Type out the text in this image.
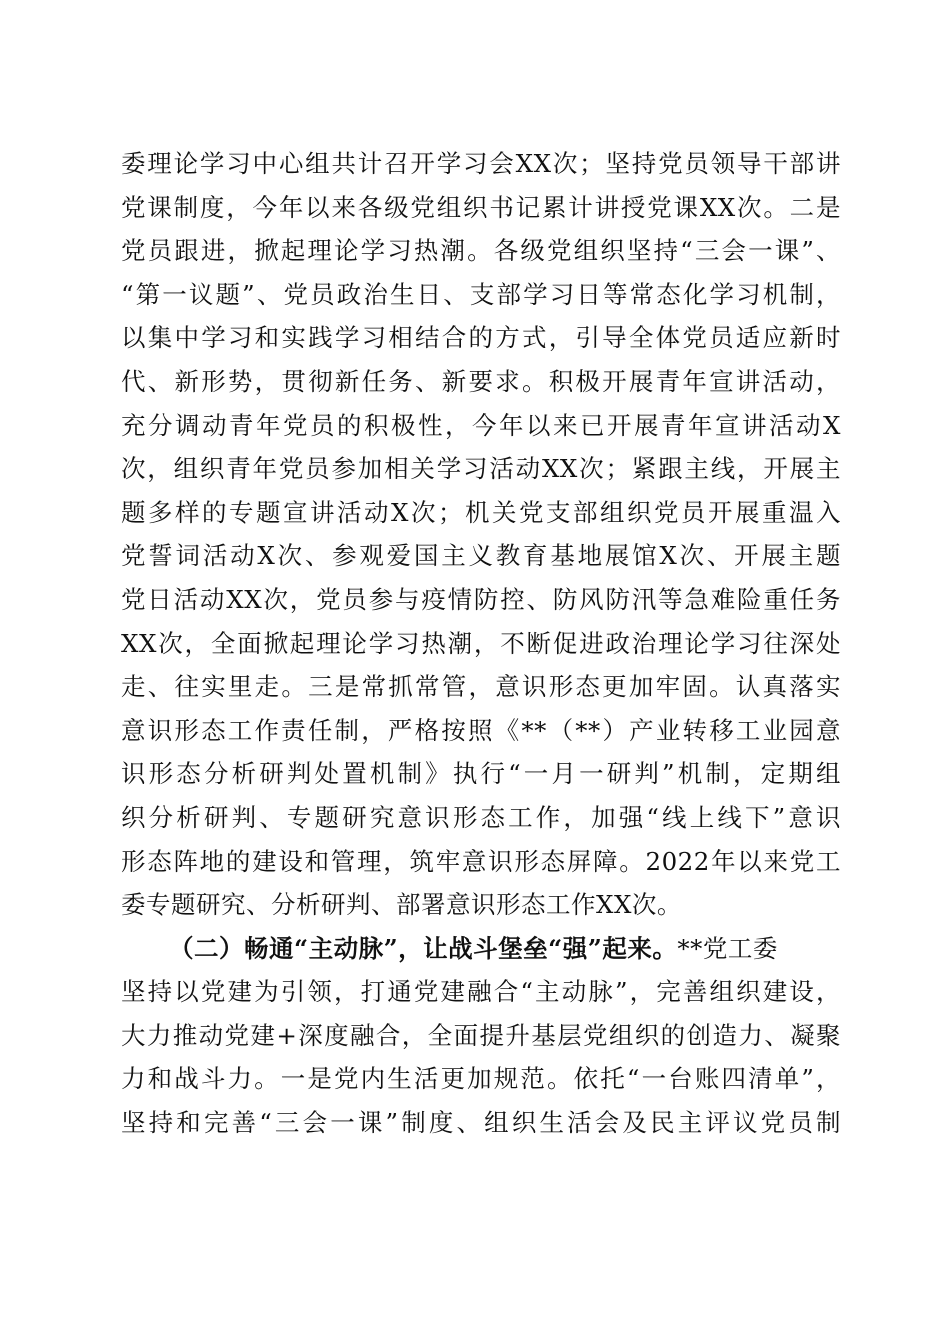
委理论学习中心组共计召开学习会XX次；坚持党员领导干部讲
党课制度，今年以来各级党组织书记累计讲授党课XX次。二是
党员跟进，掀起理论学习热潮。各级党组织坚持“三会一课”、
“第一议题”、党员政治生日、支部学习日等常态化学习机制，
以集中学习和实践学习相结合的方式，引导全体党员适应新时
代、新形势，贯彻新任务、新要求。积极开展青年宣讲活动，
充分调动青年党员的积极性，今年以来已开展青年宣讲活动X
次，组织青年党员参加相关学习活动XX次；紧跟主线，开展主
题多样的专题宣讲活动X次；机关党支部组织党员开展重温入
党誓词活动X次、参观爱国主义教育基地展馆X次、开展主题
党日活动XX次，党员参与疫情防控、防风防汛等急难险重任务
XX次，全面掀起理论学习热潮，不断促进政治理论学习往深处
走、往实里走。三是常抓常管，意识形态更加牢固。认真落实
意识形态工作责任制，严格按照《**（**）产业转移工业园意
识形态分析研判处置机制》执行“一月一研判”机制，定期组
织分析研判、专题研究意识形态工作，加强“线上线下”意识
形态阵地的建设和管理，筑牢意识形态屏障。2022年以来党工
委专题研究、分析研判、部署意识形态工作XX次。
（二）畅通“主动脉”，让战斗堡垒“强”起来。**党工委
坚持以党建为引领，打通党建融合“主动脉”，完善组织建设，
大力推动党建+深度融合，全面提升基层党组织的创造力、凝聚
力和战斗力。一是党内生活更加规范。依托“一台账四清单”，
坚持和完善“三会一课”制度、组织生活会及民主评议党员制
